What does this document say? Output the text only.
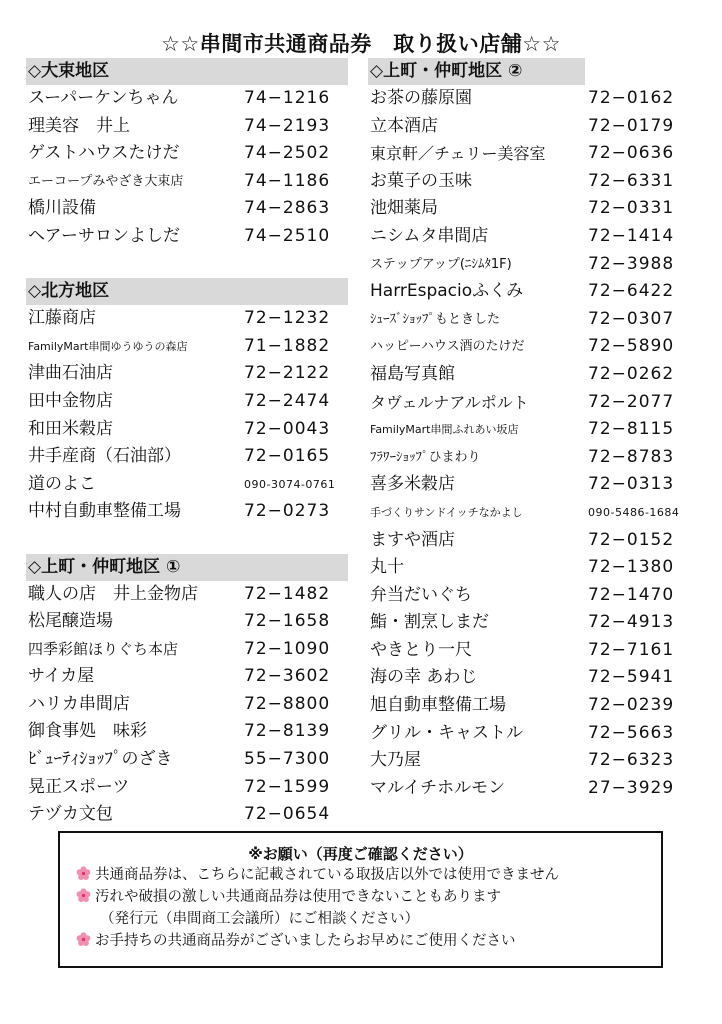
☆☆串間市共通商品券　取り扱い店舗☆☆
◇大束地区
スーパーケンちゃん	74−1216
理美容　井上	74−2193
ゲストハウスたけだ	74−2502
エーコープみやざき大束店	74−1186
橋川設備	74−2863
ヘアーサロンよしだ	74−2510
◇北方地区
江藤商店	72−1232
FamilyMart串間ゆうゆうの森店	71−1882
津曲石油店	72−2122
田中金物店	72−2474
和田米穀店	72−0043
井手産商（石油部）	72−0165
道のよこ	090-3074-0761
中村自動車整備工場	72−0273
◇上町・仲町地区 ①
職人の店　井上金物店	72−1482
松尾醸造場	72−1658
四季彩館ほりぐち本店	72−1090
サイカ屋	72−3602
ハリカ串間店	72−8800
御食事処　味彩	72−8139
ﾋﾞｭｰﾃｨｼｮｯﾌﾟのざき	55−7300
晃正スポーツ	72−1599
テヅカ文包	72−0654
◇上町・仲町地区 ②
お茶の藤原園	72−0162
立本酒店	72−0179
東京軒／チェリー美容室 72−0636
お菓子の玉味	72−6331
池畑薬局	72−0331
ニシムタ串間店	72−1414
ステップアップ(ﾆｼﾑﾀ1F)	72−3988
HarrEspacioふくみ	72−6422
ｼｭｰｽﾞｼｮｯﾌﾟもときした	72−0307
ハッピーハウス酒のたけだ	72−5890
福島写真館	72−0262
タヴェルナアルポルト	72−2077
FamilyMart串間ふれあい坂店	72−8115
ﾌﾗﾜｰｼｮｯﾌﾟひまわり	72−8783
喜多米穀店	72−0313
手づくりサンドイッチなかよし	090-5486-1684
ますや酒店	72−0152
丸十	72−1380
弁当だいぐち	72−1470
鮨・割烹しまだ	72−4913
やきとり一尺	72−7161
海の幸 あわじ	72−5941
旭自動車整備工場	72−0239
グリル・キャストル	72−5663
大乃屋	72−6323
マルイチホルモン	27−3929
※お願い（再度ご確認ください）
共通商品券は、こちらに記載されている取扱店以外では使用できません
汚れや破損の激しい共通商品券は使用できないこともあります
（発行元（串間商工会議所）にご相談ください）
お手持ちの共通商品券がございましたらお早めにご使用ください
